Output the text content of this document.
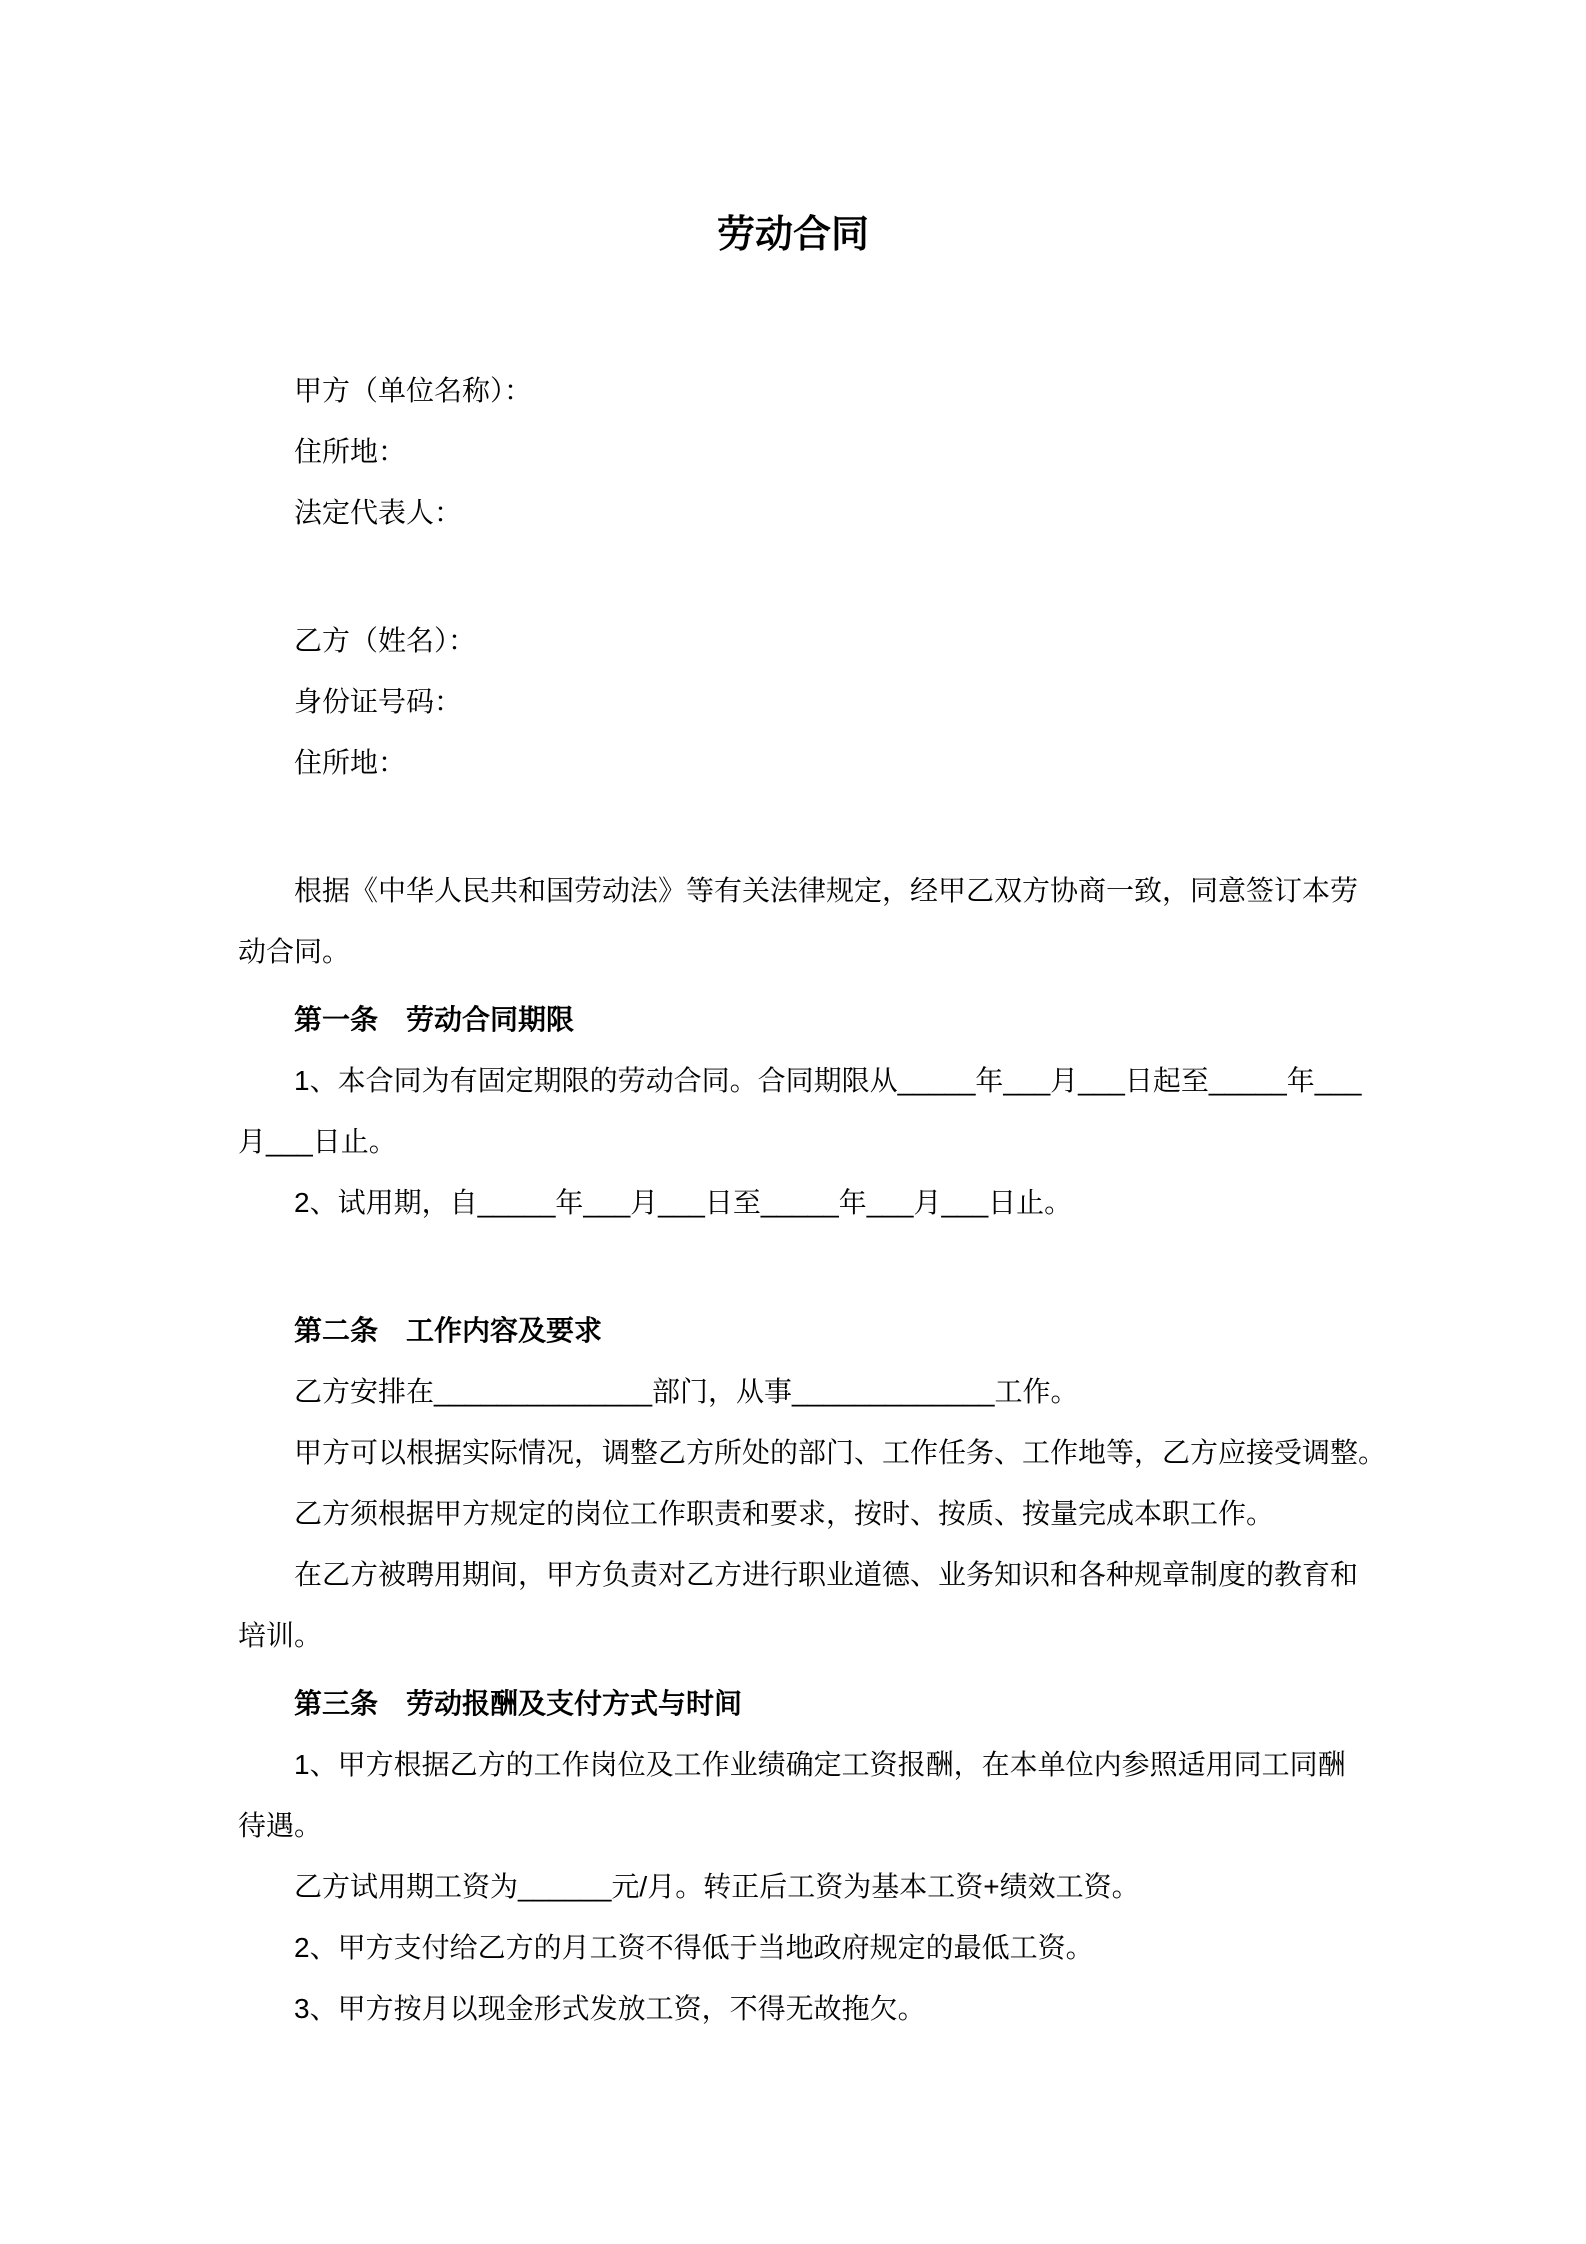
劳动合同
甲方（单位名称）：
住所地：
法定代表人：
乙方（姓名）：
身份证号码：
住所地：
根据《中华人民共和国劳动法》等有关法律规定，经甲乙双方协商一致，同意签订本劳
动合同。
第一条　劳动合同期限
1、本合同为有固定期限的劳动合同。合同期限从_____年___月___日起至_____年___
月___日止。
2、试用期，自_____年___月___日至_____年___月___日止。
第二条　工作内容及要求
乙方安排在______________部门，从事_____________工作。
甲方可以根据实际情况，调整乙方所处的部门、工作任务、工作地等，乙方应接受调整。
乙方须根据甲方规定的岗位工作职责和要求，按时、按质、按量完成本职工作。
在乙方被聘用期间，甲方负责对乙方进行职业道德、业务知识和各种规章制度的教育和
培训。
第三条　劳动报酬及支付方式与时间
1、甲方根据乙方的工作岗位及工作业绩确定工资报酬，在本单位内参照适用同工同酬
待遇。
乙方试用期工资为______元/月。转正后工资为基本工资+绩效工资。
2、甲方支付给乙方的月工资不得低于当地政府规定的最低工资。
3、甲方按月以现金形式发放工资，不得无故拖欠。
